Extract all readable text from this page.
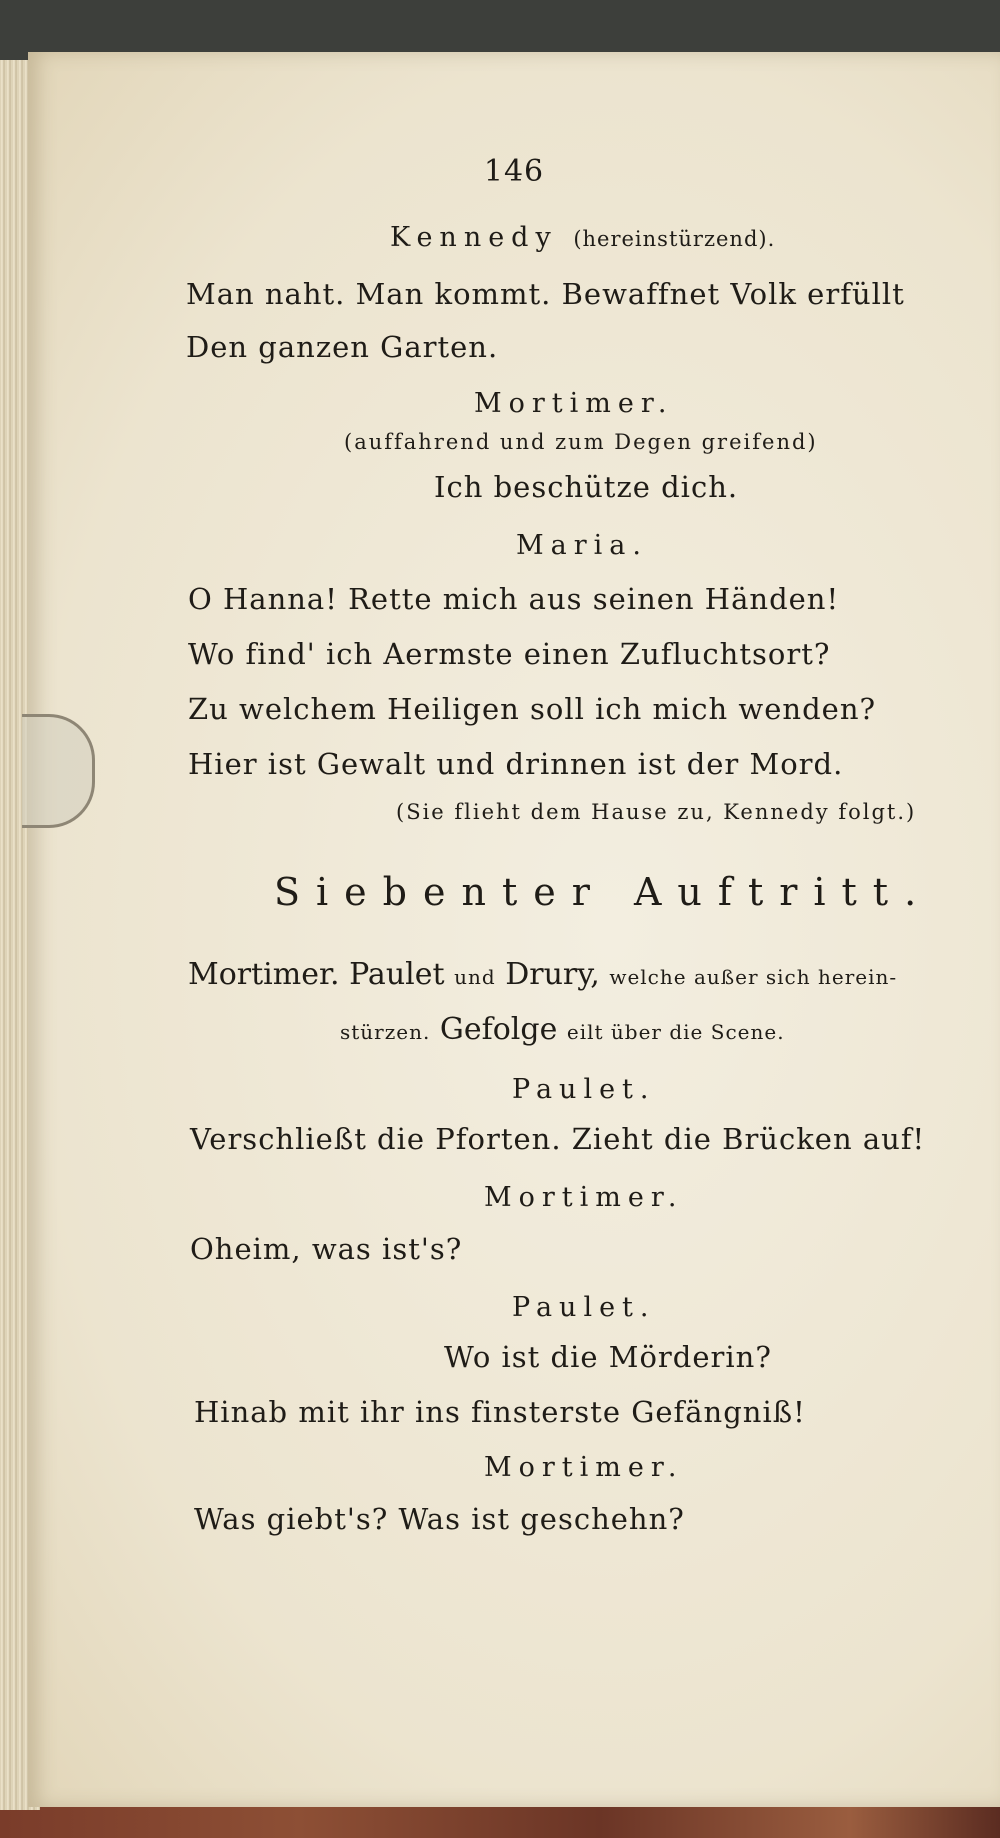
146
Kennedy (hereinstürzend).
Man naht. Man kommt. Bewaffnet Volk erfüllt
Den ganzen Garten.
Mortimer.
(auffahrend und zum Degen greifend)
Ich beschütze dich.
Maria.
O Hanna! Rette mich aus seinen Händen!
Wo find' ich Aermste einen Zufluchtsort?
Zu welchem Heiligen soll ich mich wenden?
Hier ist Gewalt und drinnen ist der Mord.
(Sie flieht dem Hause zu, Kennedy folgt.)
Siebenter Auftritt.
Mortimer. Paulet und Drury, welche außer sich herein-
stürzen. Gefolge eilt über die Scene.
Paulet.
Verschließt die Pforten. Zieht die Brücken auf!
Mortimer.
Oheim, was ist's?
Paulet.
Wo ist die Mörderin?
Hinab mit ihr ins finsterste Gefängniß!
Mortimer.
Was giebt's? Was ist geschehn?
